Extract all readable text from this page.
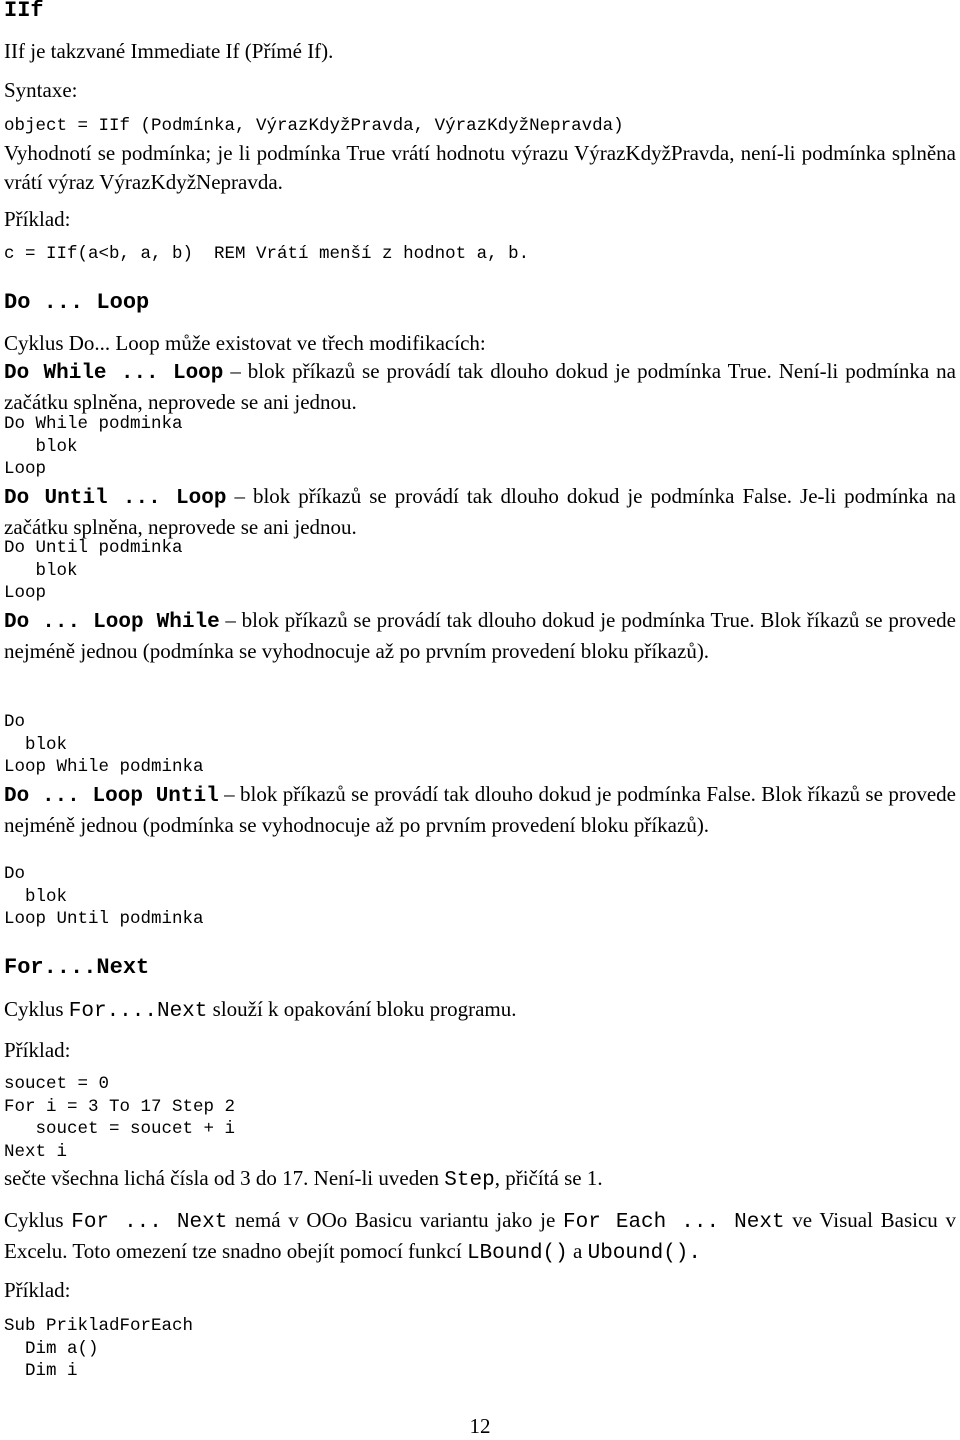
IIf

IIf je takzvané Immediate If (Přímé If).

Syntaxe:

object = IIf (Podmínka, VýrazKdyžPravda, VýrazKdyžNepravda)

Vyhodnotí se podmínka; je li podmínka True vrátí hodnotu výrazu VýrazKdyžPravda, není-li podmínka splněna vrátí výraz VýrazKdyžNepravda.

Příklad:

c = IIf(a<b, a, b)  REM Vrátí menší z hodnot a, b.

Do ... Loop

Cyklus Do... Loop může existovat ve třech modifikacích:

Do While ... Loop – blok příkazů se provádí tak dlouho dokud je podmínka True. Není-li podmínka na začátku splněna, neprovede se ani jednou.

Do While podminka
blok
Loop

Do Until ... Loop – blok příkazů se provádí tak dlouho dokud je podmínka False. Je-li podmínka na začátku splněna, neprovede se ani jednou.

Do Until podminka
blok
Loop

Do ... Loop While – blok příkazů se provádí tak dlouho dokud je podmínka True. Blok říkazů se provede nejméně jednou (podmínka se vyhodnocuje až po prvním provedení bloku příkazů).

Do
blok
Loop While podminka

Do ... Loop Until – blok příkazů se provádí tak dlouho dokud je podmínka False. Blok říkazů se provede nejméně jednou (podmínka se vyhodnocuje až po prvním provedení bloku příkazů).

Do
blok
Loop Until podminka

For....Next

Cyklus For....Next slouží k opakování bloku programu.

Příklad:

soucet = 0
For i = 3 To 17 Step 2
soucet = soucet + i
Next i

sečte všechna lichá čísla od 3 do 17. Není-li uveden Step, přičítá se 1.

Cyklus For ... Next nemá v OOo Basicu variantu jako je For Each ... Next ve Visual Basicu v Excelu. Toto omezení tze snadno obejít pomocí funkcí LBound() a Ubound().

Příklad:

Sub PrikladForEach
Dim a()
Dim i

12
